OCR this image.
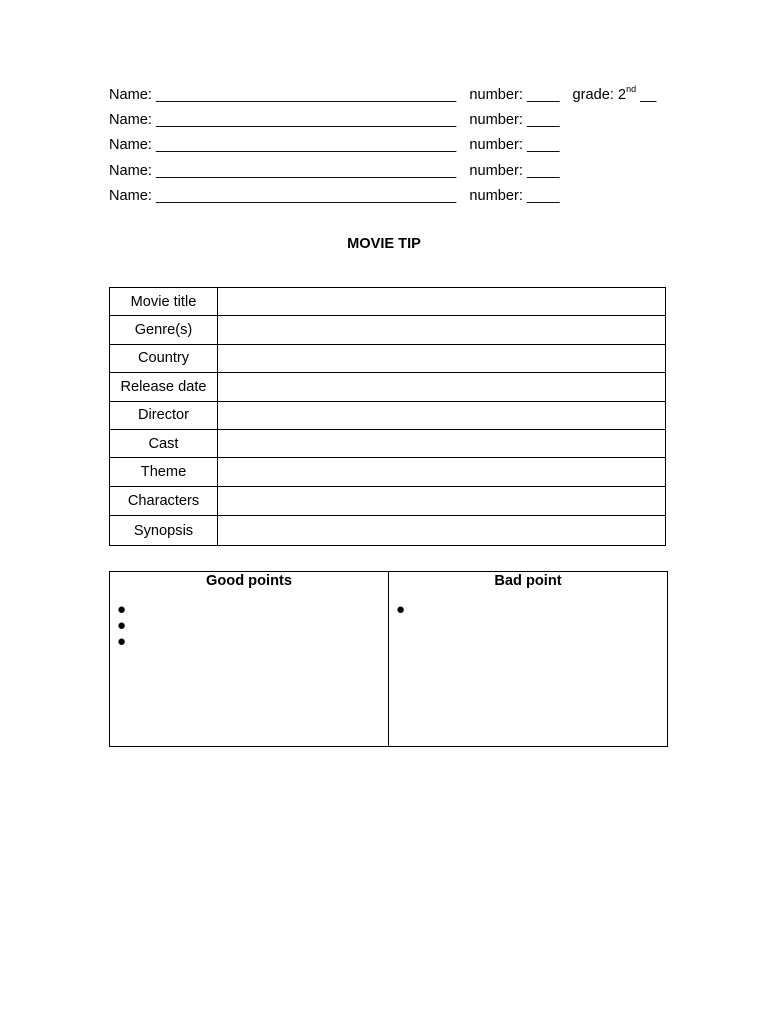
Name: _____________________________________ number: ____ grade: 2nd __
Name: _____________________________________ number: ____
Name: _____________________________________ number: ____
Name: _____________________________________ number: ____
Name: _____________________________________ number: ____
MOVIE TIP
Movie title	
Genre(s)	
Country	
Release date	
Director	
Cast	
Theme	
Characters	
Synopsis	
Good points
●
●
●

Bad point
●
